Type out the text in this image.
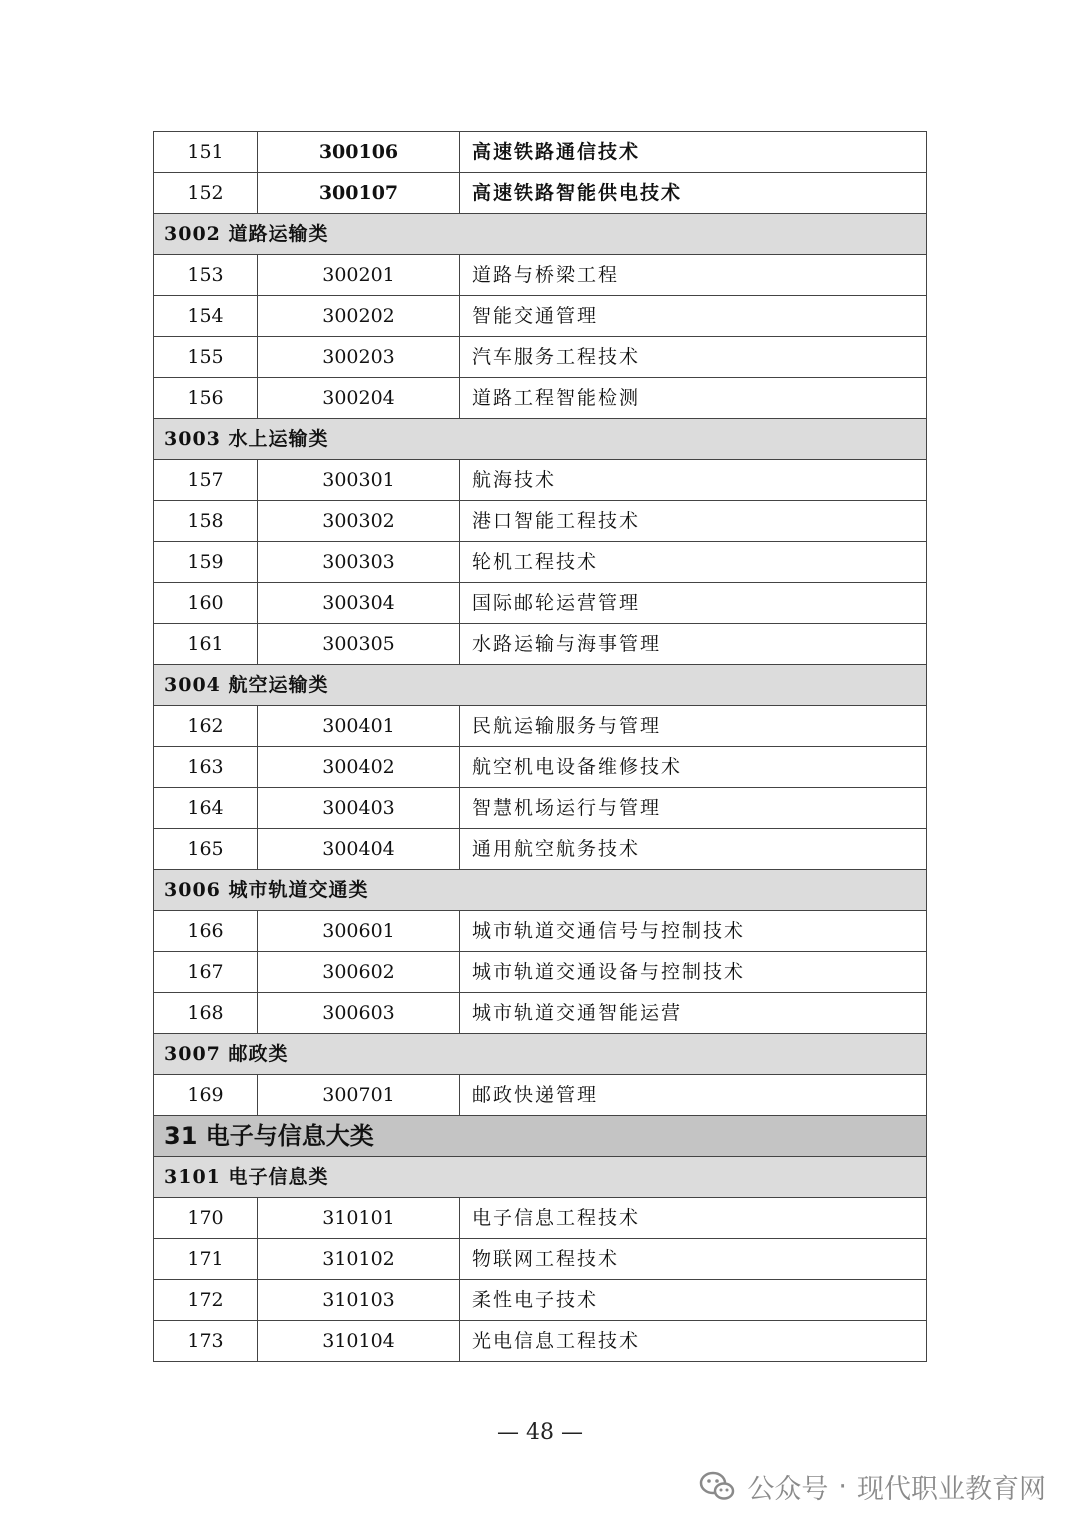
151	300106	高速铁路通信技术
152	300107	高速铁路智能供电技术
3002 道路运输类		
153	300201	道路与桥梁工程
154	300202	智能交通管理
155	300203	汽车服务工程技术
156	300204	道路工程智能检测
3003 水上运输类		
157	300301	航海技术
158	300302	港口智能工程技术
159	300303	轮机工程技术
160	300304	国际邮轮运营管理
161	300305	水路运输与海事管理
3004 航空运输类		
162	300401	民航运输服务与管理
163	300402	航空机电设备维修技术
164	300403	智慧机场运行与管理
165	300404	通用航空航务技术
3006 城市轨道交通类		
166	300601	城市轨道交通信号与控制技术
167	300602	城市轨道交通设备与控制技术
168	300603	城市轨道交通智能运营
3007 邮政类		
169	300701	邮政快递管理
31 电子与信息大类		
3101 电子信息类		
170	310101	电子信息工程技术
171	310102	物联网工程技术
172	310103	柔性电子技术
173	310104	光电信息工程技术
— 48 —
公众号 · 现代职业教育网
